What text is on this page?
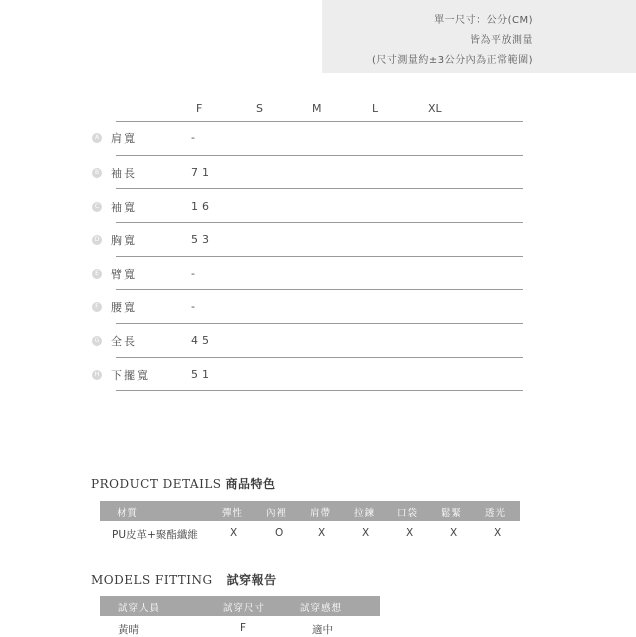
單一尺寸：公分(CM)
皆為平放測量
(尺寸測量約±3公分內為正常範圍)
F	S	M	L	XL
A 肩寬	-
B 袖長	71
C 袖寬	16
D 胸寬	53
E 臂寬	-
F 腰寬	-
G 全長	45
H 下擺寬	51
PRODUCT DETAILS 商品特色
材質	彈性 內裡 肩帶 拉鍊 口袋 鬆緊 透光
PU皮革+聚酯纖維	X	O	X	X	X	X	X
MODELS FITTING 試穿報告
試穿人員	試穿尺寸	試穿感想
黃晴	F	適中
